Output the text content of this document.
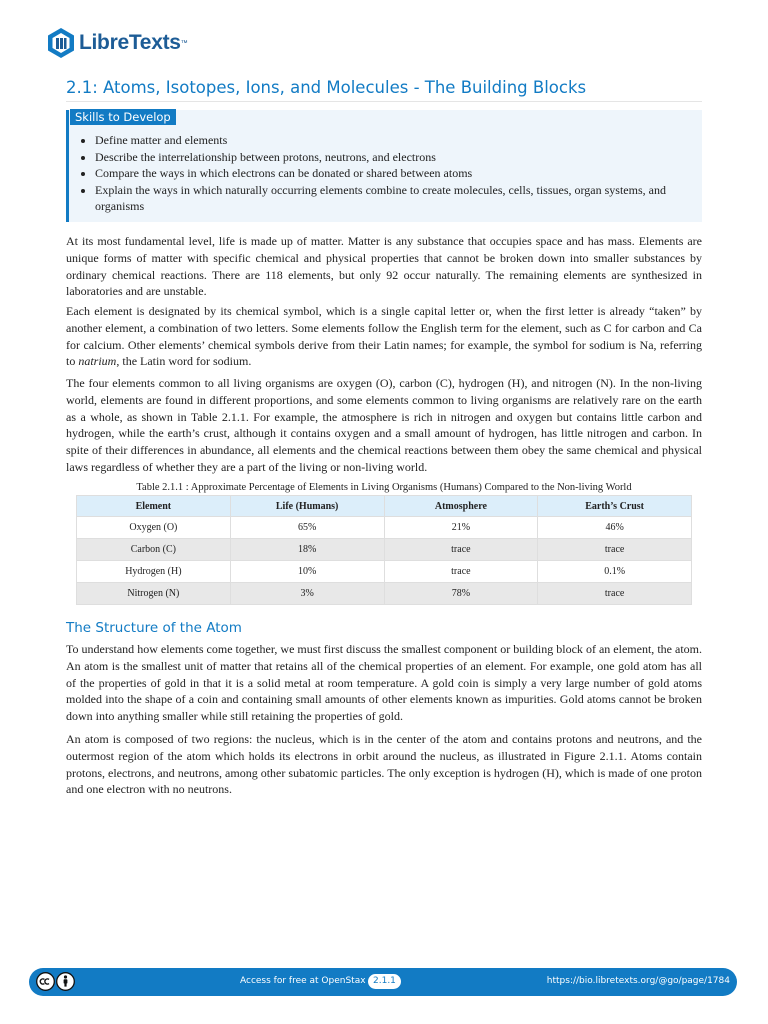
LibreTexts ™
2.1: Atoms, Isotopes, Ions, and Molecules - The Building Blocks
Skills to Develop
• Define matter and elements
• Describe the interrelationship between protons, neutrons, and electrons
• Compare the ways in which electrons can be donated or shared between atoms
• Explain the ways in which naturally occurring elements combine to create molecules, cells, tissues, organ systems, and organisms

At its most fundamental level, life is made up of matter. Matter is any substance that occupies space and has mass. Elements are unique forms of matter with specific chemical and physical properties that cannot be broken down into smaller substances by ordinary chemical reactions. There are 118 elements, but only 92 occur naturally. The remaining elements are synthesized in laboratories and are unstable.

Each element is designated by its chemical symbol, which is a single capital letter or, when the first letter is already “taken” by another element, a combination of two letters. Some elements follow the English term for the element, such as C for carbon and Ca for calcium. Other elements’ chemical symbols derive from their Latin names; for example, the symbol for sodium is Na, referring to natrium, the Latin word for sodium.

The four elements common to all living organisms are oxygen (O), carbon (C), hydrogen (H), and nitrogen (N). In the non-living world, elements are found in different proportions, and some elements common to living organisms are relatively rare on the earth as a whole, as shown in Table 2.1.1. For example, the atmosphere is rich in nitrogen and oxygen but contains little carbon and hydrogen, while the earth’s crust, although it contains oxygen and a small amount of hydrogen, has little nitrogen and carbon. In spite of their differences in abundance, all elements and the chemical reactions between them obey the same chemical and physical laws regardless of whether they are a part of the living or non-living world.

Table 2.1.1 : Approximate Percentage of Elements in Living Organisms (Humans) Compared to the Non-living World
Element	Life (Humans)	Atmosphere	Earth’s Crust
Oxygen (O)	65%	21%	46%
Carbon (C)	18%	trace	trace
Hydrogen (H)	10%	trace	0.1%
Nitrogen (N)	3%	78%	trace
The Structure of the Atom

To understand how elements come together, we must first discuss the smallest component or building block of an element, the atom. An atom is the smallest unit of matter that retains all of the chemical properties of an element. For example, one gold atom has all of the properties of gold in that it is a solid metal at room temperature. A gold coin is simply a very large number of gold atoms molded into the shape of a coin and containing small amounts of other elements known as impurities. Gold atoms cannot be broken down into anything smaller while still retaining the properties of gold.

An atom is composed of two regions: the nucleus, which is in the center of the atom and contains protons and neutrons, and the outermost region of the atom which holds its electrons in orbit around the nucleus, as illustrated in Figure 2.1.1. Atoms contain protons, electrons, and neutrons, among other subatomic particles. The only exception is hydrogen (H), which is made of one proton and one electron with no neutrons.

Access for free at OpenStax 2.1.1	https://bio.libretexts.org/@go/page/1784
